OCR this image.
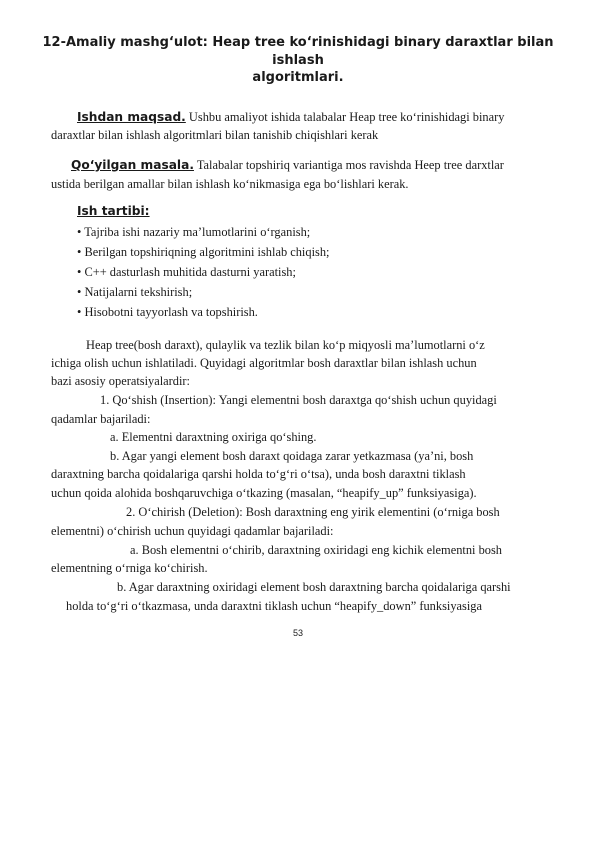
12-Amaliy mashg‘ulot: Heap tree ko‘rinishidagi binary daraxtlar bilan
ishlash
algoritmlari.
Ishdan maqsad. Ushbu amaliyot ishida talabalar Heap tree ko‘rinishidagi binary
daraxtlar bilan ishlash algoritmlari bilan tanishib chiqishlari kerak
Qo‘yilgan masala. Talabalar topshiriq variantiga mos ravishda Heep tree darxtlar
ustida berilgan amallar bilan ishlash ko‘nikmasiga ega bo‘lishlari kerak.
Ish tartibi:
• Tajriba ishi nazariy ma’lumotlarini o‘rganish;
• Berilgan topshiriqning algoritmini ishlab chiqish;
• C++ dasturlash muhitida dasturni yaratish;
• Natijalarni tekshirish;
• Hisobotni tayyorlash va topshirish.
Heap tree(bosh daraxt), qulaylik va tezlik bilan ko‘p miqyosli ma’lumotlarni o‘z
ichiga olish uchun ishlatiladi. Quyidagi algoritmlar bosh daraxtlar bilan ishlash uchun
bazi asosiy operatsiyalardir:
1. Qo‘shish (Insertion): Yangi elementni bosh daraxtga qo‘shish uchun quyidagi
qadamlar bajariladi:
a. Elementni daraxtning oxiriga qo‘shing.
b. Agar yangi element bosh daraxt qoidaga zarar yetkazmasa (ya’ni, bosh
daraxtning barcha qoidalariga qarshi holda to‘g‘ri o‘tsa), unda bosh daraxtni tiklash
uchun qoida alohida boshqaruvchiga o‘tkazing (masalan, “heapify_up” funksiyasiga).
2. O‘chirish (Deletion): Bosh daraxtning eng yirik elementini (o‘rniga bosh
elementni) o‘chirish uchun quyidagi qadamlar bajariladi:
a. Bosh elementni o‘chirib, daraxtning oxiridagi eng kichik elementni bosh
elementning o‘rniga ko‘chirish.
b. Agar daraxtning oxiridagi element bosh daraxtning barcha qoidalariga qarshi
holda to‘g‘ri o‘tkazmasa, unda daraxtni tiklash uchun “heapify_down” funksiyasiga
53
